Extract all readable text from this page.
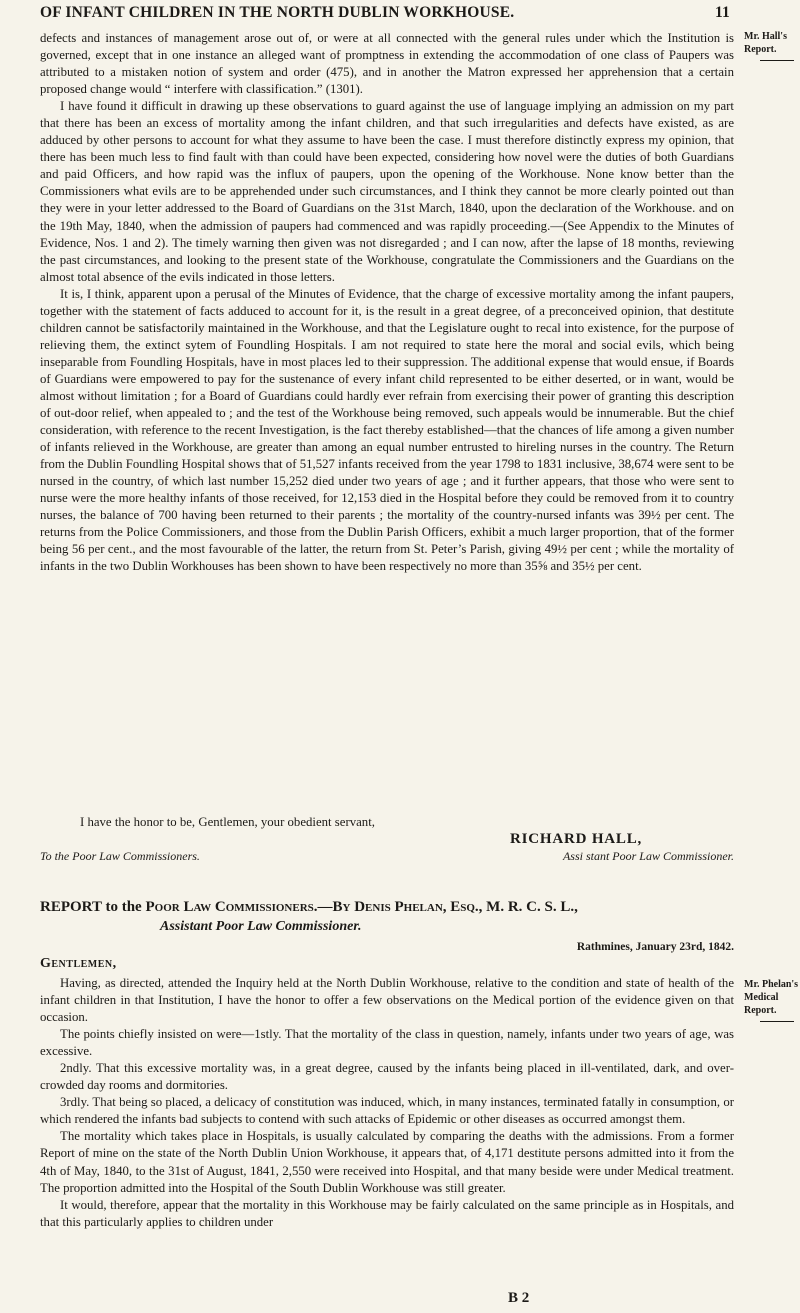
OF INFANT CHILDREN IN THE NORTH DUBLIN WORKHOUSE.	11
Mr. Hall's Report.

defects and instances of management arose out of, or were at all connected with the general rules under which the Institution is governed, except that in one instance an alleged want of promptness in extending the accommodation of one class of Paupers was attributed to a mistaken notion of system and order (475), and in another the Matron expressed her apprehension that a certain proposed change would “ interfere with classification.” (1301).

I have found it difficult in drawing up these observations to guard against the use of language implying an admission on my part that there has been an excess of mortality among the infant children, and that such irregularities and defects have existed, as are adduced by other persons to account for what they assume to have been the case. I must therefore distinctly express my opinion, that there has been much less to find fault with than could have been expected, considering how novel were the duties of both Guardians and paid Officers, and how rapid was the influx of paupers, upon the opening of the Workhouse. None know better than the Commissioners what evils are to be apprehended under such circumstances, and I think they cannot be more clearly pointed out than they were in your letter addressed to the Board of Guardians on the 31st March, 1840, upon the declaration of the Workhouse. and on the 19th May, 1840, when the admission of paupers had commenced and was rapidly proceeding.—(See Appendix to the Minutes of Evidence, Nos. 1 and 2). The timely warning then given was not disregarded ; and I can now, after the lapse of 18 months, reviewing the past circumstances, and looking to the present state of the Workhouse, congratulate the Commissioners and the Guardians on the almost total absence of the evils indicated in those letters.

It is, I think, apparent upon a perusal of the Minutes of Evidence, that the charge of excessive mortality among the infant paupers, together with the statement of facts adduced to account for it, is the result in a great degree, of a preconceived opinion, that destitute children cannot be satisfactorily maintained in the Workhouse, and that the Legislature ought to recal into existence, for the purpose of relieving them, the extinct sytem of Foundling Hospitals. I am not required to state here the moral and social evils, which being inseparable from Foundling Hospitals, have in most places led to their suppression. The additional expense that would ensue, if Boards of Guardians were empowered to pay for the sustenance of every infant child represented to be either deserted, or in want, would be almost without limitation ; for a Board of Guardians could hardly ever refrain from exercising their power of granting this description of out-door relief, when appealed to ; and the test of the Workhouse being removed, such appeals would be innumerable. But the chief consideration, with reference to the recent Investigation, is the fact thereby established—that the chances of life among a given number of infants relieved in the Workhouse, are greater than among an equal number entrusted to hireling nurses in the country. The Return from the Dublin Foundling Hospital shows that of 51,527 infants received from the year 1798 to 1831 inclusive, 38,674 were sent to be nursed in the country, of which last number 15,252 died under two years of age ; and it further appears, that those who were sent to nurse were the more healthy infants of those received, for 12,153 died in the Hospital before they could be removed from it to country nurses, the balance of 700 having been returned to their parents ; the mortality of the country-nursed infants was 39½ per cent. The returns from the Police Commissioners, and those from the Dublin Parish Officers, exhibit a much larger proportion, that of the former being 56 per cent., and the most favourable of the latter, the return from St. Peter’s Parish, giving 49½ per cent ; while the mortality of infants in the two Dublin Workhouses has been shown to have been respectively no more than 35⅝ and 35½ per cent.

I have the honor to be, Gentlemen, your obedient servant,
RICHARD HALL,
To the Poor Law Commissioners.	Assi stant Poor Law Commissioner.
REPORT to the Poor Law Commissioners.—By Denis Phelan, Esq., M. R. C. S. L.,
Assistant Poor Law Commissioner.
Rathmines, January 23rd, 1842.
Gentlemen,
Mr. Phelan's Medical Report.

Having, as directed, attended the Inquiry held at the North Dublin Workhouse, relative to the condition and state of health of the infant children in that Institution, I have the honor to offer a few observations on the Medical portion of the evidence given on that occasion.

The points chiefly insisted on were—1stly. That the mortality of the class in question, namely, infants under two years of age, was excessive.

2ndly. That this excessive mortality was, in a great degree, caused by the infants being placed in ill-ventilated, dark, and over-crowded day rooms and dormitories.

3rdly. That being so placed, a delicacy of constitution was induced, which, in many instances, terminated fatally in consumption, or which rendered the infants bad subjects to contend with such attacks of Epidemic or other diseases as occurred amongst them.

The mortality which takes place in Hospitals, is usually calculated by comparing the deaths with the admissions. From a former Report of mine on the state of the North Dublin Union Workhouse, it appears that, of 4,171 destitute persons admitted into it from the 4th of May, 1840, to the 31st of August, 1841, 2,550 were received into Hospital, and that many beside were under Medical treatment. The proportion admitted into the Hospital of the South Dublin Workhouse was still greater.

It would, therefore, appear that the mortality in this Workhouse may be fairly calculated on the same principle as in Hospitals, and that this particularly applies to children under

B 2
